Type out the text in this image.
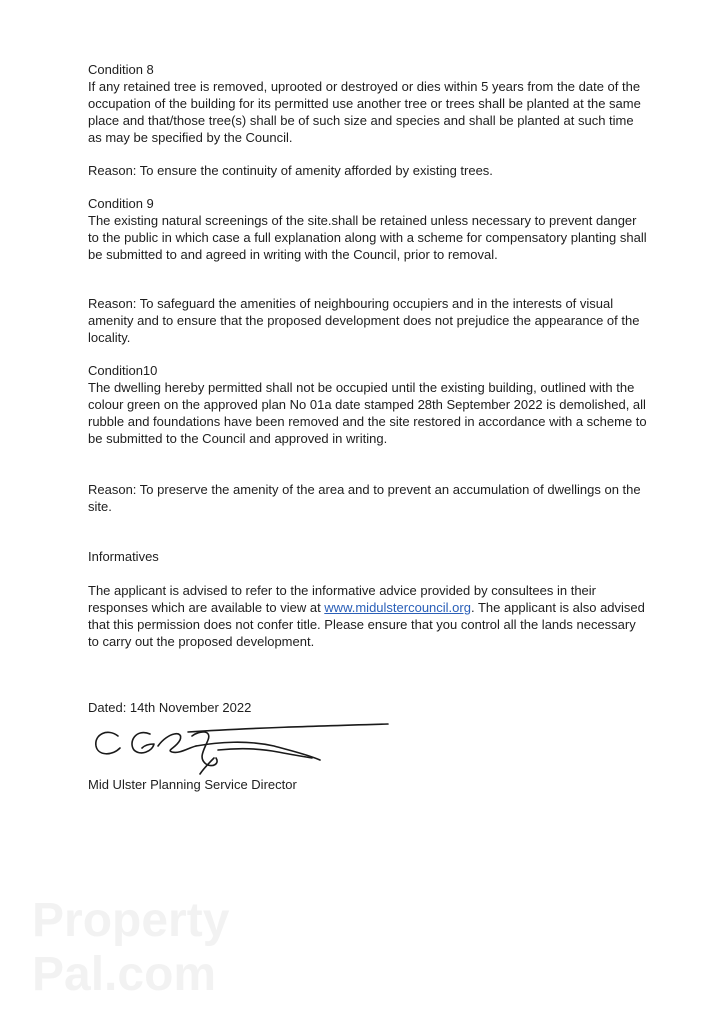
Condition 8

If any retained tree is removed, uprooted or destroyed or dies within 5 years from the date of the occupation of the building for its permitted use another tree or trees shall be planted at the same place and that/those tree(s) shall be of such size and species and shall be planted at such time as may be specified by the Council.

Reason: To ensure the continuity of amenity afforded by existing trees.

Condition 9

The existing natural screenings of the site.shall be retained unless necessary to prevent danger to the public in which case a full explanation along with a scheme for compensatory planting shall be submitted to and agreed in writing with the Council, prior to removal.

Reason: To safeguard the amenities of neighbouring occupiers and in the interests of visual amenity and to ensure that the proposed development does not prejudice the appearance of the locality.

Condition10

The dwelling hereby permitted shall not be occupied until the existing building, outlined with the colour green on the approved plan No 01a date stamped 28th September 2022 is demolished, all rubble and foundations have been removed and the site restored in accordance with a scheme to be submitted to the Council and approved in writing.

Reason: To preserve the amenity of the area and to prevent an accumulation of dwellings on the site.

Informatives

The applicant is advised to refer to the informative advice provided by consultees in their responses which are available to view at www.midulstercouncil.org. The applicant is also advised that this permission does not confer title. Please ensure that you control all the lands necessary to carry out the proposed development.

Dated: 14th November 2022

Mid Ulster Planning Service Director

Property
Pal.com
